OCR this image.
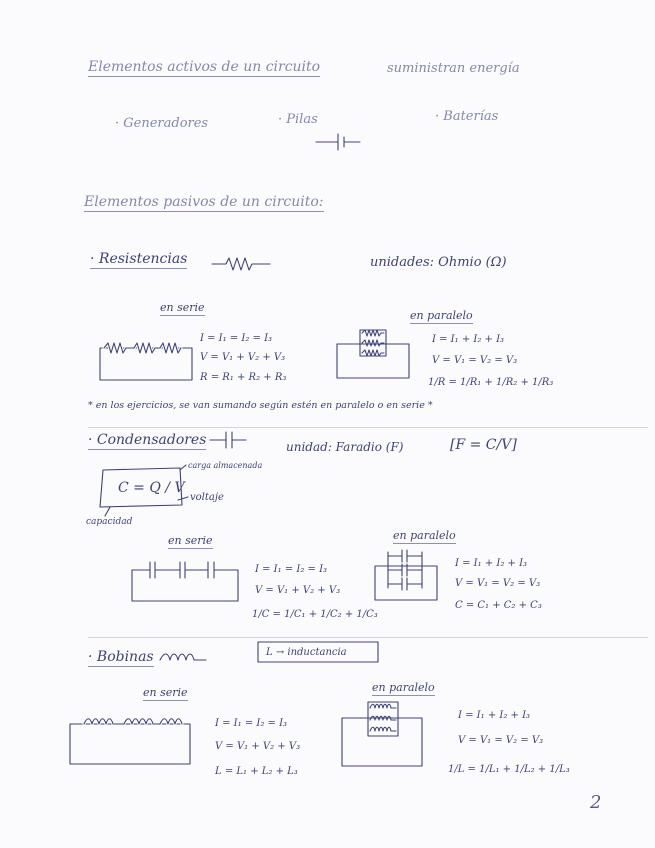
Elementos activos de un circuito	suministran energía
· Generadores	· Pilas	· Baterías
Elementos pasivos de un circuito:
· Resistencias	unidades: Ohmio (Ω)
en serie
en paralelo
I = I₁ = I₂ = I₃
V = V₁ + V₂ + V₃
R = R₁ + R₂ + R₃
I = I₁ + I₂ + I₃
V = V₁ = V₂ = V₃
1/R = 1/R₁ + 1/R₂ + 1/R₃
* en los ejercicios, se van sumando según estén en paralelo o en serie *
· Condensadores	unidad: Faradio (F)	[F = C/V]
C = Q / V
carga almacenada
voltaje
capacidad
en serie	en paralelo
I = I₁ = I₂ = I₃
V = V₁ + V₂ + V₃
1/C = 1/C₁ + 1/C₂ + 1/C₃
I = I₁ + I₂ + I₃
V = V₁ = V₂ = V₃
C = C₁ + C₂ + C₃
· Bobinas	L → inductancia
en serie	en paralelo
I = I₁ = I₂ = I₃
V = V₁ + V₂ + V₃
L = L₁ + L₂ + L₃
I = I₁ + I₂ + I₃
V = V₁ = V₂ = V₃
1/L = 1/L₁ + 1/L₂ + 1/L₃
2
